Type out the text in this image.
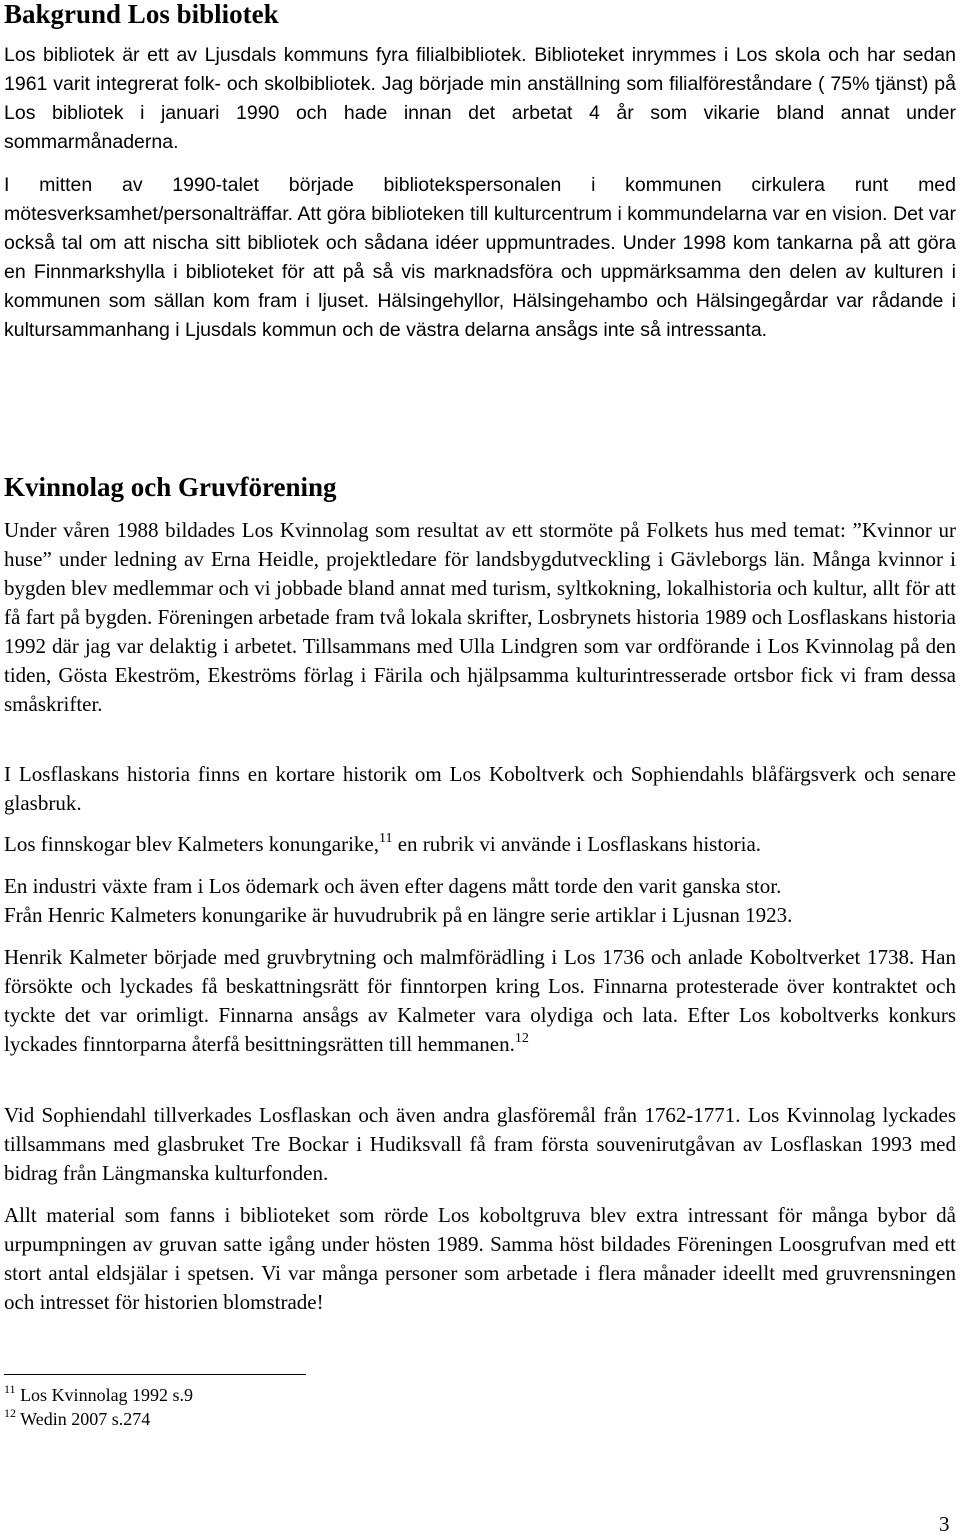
Bakgrund Los bibliotek

Los bibliotek är ett av Ljusdals kommuns fyra filialbibliotek. Biblioteket inrymmes i Los skola och har sedan 1961 varit integrerat folk- och skolbibliotek. Jag började min anställning som filialföreståndare ( 75% tjänst) på Los bibliotek i januari 1990 och hade innan det arbetat 4 år som vikarie bland annat under sommarmånaderna.

I mitten av 1990-talet började bibliotekspersonalen i kommunen cirkulera runt med mötesverksamhet/personalträffar. Att göra biblioteken till kulturcentrum i kommundelarna var en vision. Det var också tal om att nischa sitt bibliotek och sådana idéer uppmuntrades. Under 1998 kom tankarna på att göra en Finnmarkshylla i biblioteket för att på så vis marknadsföra och uppmärksamma den delen av kulturen i kommunen som sällan kom fram i ljuset. Hälsingehyllor, Hälsingehambo och Hälsingegårdar var rådande i kultursammanhang i Ljusdals kommun och de västra delarna ansågs inte så intressanta.

Kvinnolag och Gruvförening

Under våren 1988 bildades Los Kvinnolag som resultat av ett stormöte på Folkets hus med temat: ”Kvinnor ur huse” under ledning av Erna Heidle, projektledare för landsbygdutveckling i Gävleborgs län. Många kvinnor i bygden blev medlemmar och vi jobbade bland annat med turism, syltkokning, lokalhistoria och kultur, allt för att få fart på bygden. Föreningen arbetade fram två lokala skrifter, Losbrynets historia 1989 och Losflaskans historia 1992 där jag var delaktig i arbetet. Tillsammans med Ulla Lindgren som var ordförande i Los Kvinnolag på den tiden, Gösta Ekeström, Ekeströms förlag i Färila och hjälpsamma kulturintresserade ortsbor fick vi fram dessa småskrifter.

I Losflaskans historia finns en kortare historik om Los Koboltverk och Sophiendahls blåfärgsverk och senare glasbruk.

Los finnskogar blev Kalmeters konungarike,$^{11}$ en rubrik vi använde i Losflaskans historia.

En industri växte fram i Los ödemark och även efter dagens mått torde den varit ganska stor.
Från Henric Kalmeters konungarike är huvudrubrik på en längre serie artiklar i Ljusnan 1923.

Henrik Kalmeter började med gruvbrytning och malmförädling i Los 1736 och anlade Koboltverket 1738. Han försökte och lyckades få beskattningsrätt för finntorpen kring Los. Finnarna protesterade över kontraktet och tyckte det var orimligt. Finnarna ansågs av Kalmeter vara olydiga och lata. Efter Los koboltverks konkurs lyckades finntorparna återfå besittningsrätten till hemmanen.$^{12}$

Vid Sophiendahl tillverkades Losflaskan och även andra glasföremål från 1762-1771. Los Kvinnolag lyckades tillsammans med glasbruket Tre Bockar i Hudiksvall få fram första souvenirutgåvan av Losflaskan 1993 med bidrag från Längmanska kulturfonden.

Allt material som fanns i biblioteket som rörde Los koboltgruva blev extra intressant för många bybor då urpumpningen av gruvan satte igång under hösten 1989. Samma höst bildades Föreningen Loosgrufvan med ett stort antal eldsjälar i spetsen. Vi var många personer som arbetade i flera månader ideellt med gruvrensningen och intresset för historien blomstrade!

$^{11}$ Los Kvinnolag 1992 s.9
$^{12}$ Wedin 2007 s.274
3
